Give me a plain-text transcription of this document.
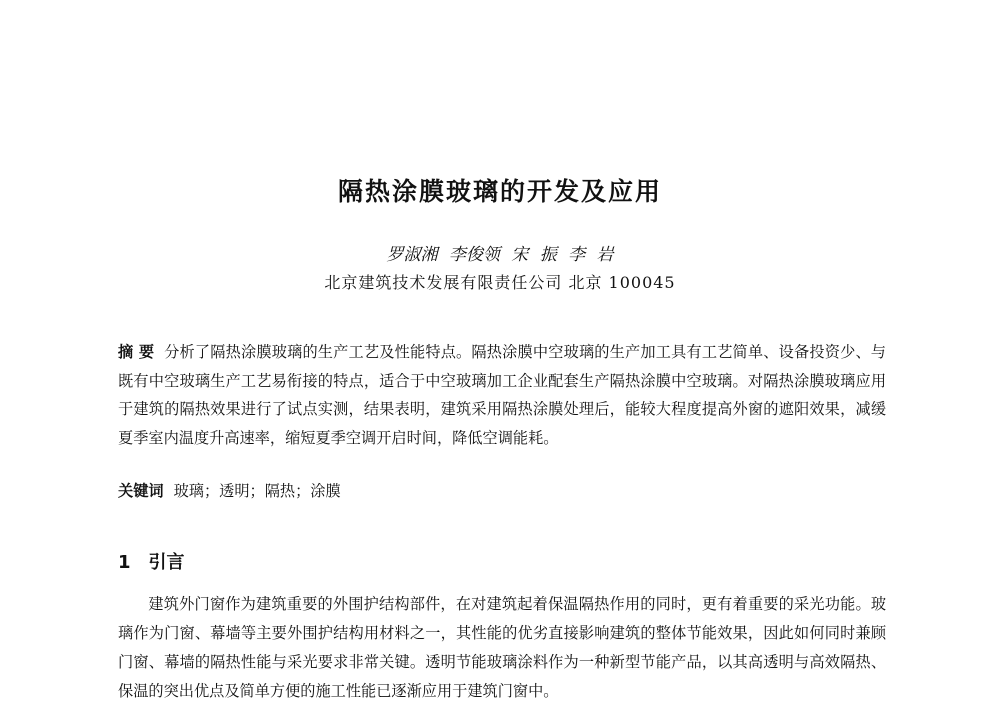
隔热涂膜玻璃的开发及应用
罗淑湘 李俊领 宋 振 李 岩
北京建筑技术发展有限责任公司 北京 100045
摘 要 分析了隔热涂膜玻璃的生产工艺及性能特点。隔热涂膜中空玻璃的生产加工具有工艺简单、设备投资少、与既有中空玻璃生产工艺易衔接的特点，适合于中空玻璃加工企业配套生产隔热涂膜中空玻璃。对隔热涂膜玻璃应用于建筑的隔热效果进行了试点实测，结果表明，建筑采用隔热涂膜处理后，能较大程度提高外窗的遮阳效果，减缓夏季室内温度升高速率，缩短夏季空调开启时间，降低空调能耗。
关键词 玻璃；透明；隔热；涂膜
1 引言
建筑外门窗作为建筑重要的外围护结构部件，在对建筑起着保温隔热作用的同时，更有着重要的采光功能。玻璃作为门窗、幕墙等主要外围护结构用材料之一，其性能的优劣直接影响建筑的整体节能效果，因此如何同时兼顾门窗、幕墙的隔热性能与采光要求非常关键。透明节能玻璃涂料作为一种新型节能产品，以其高透明与高效隔热、保温的突出优点及简单方便的施工性能已逐渐应用于建筑门窗中。
